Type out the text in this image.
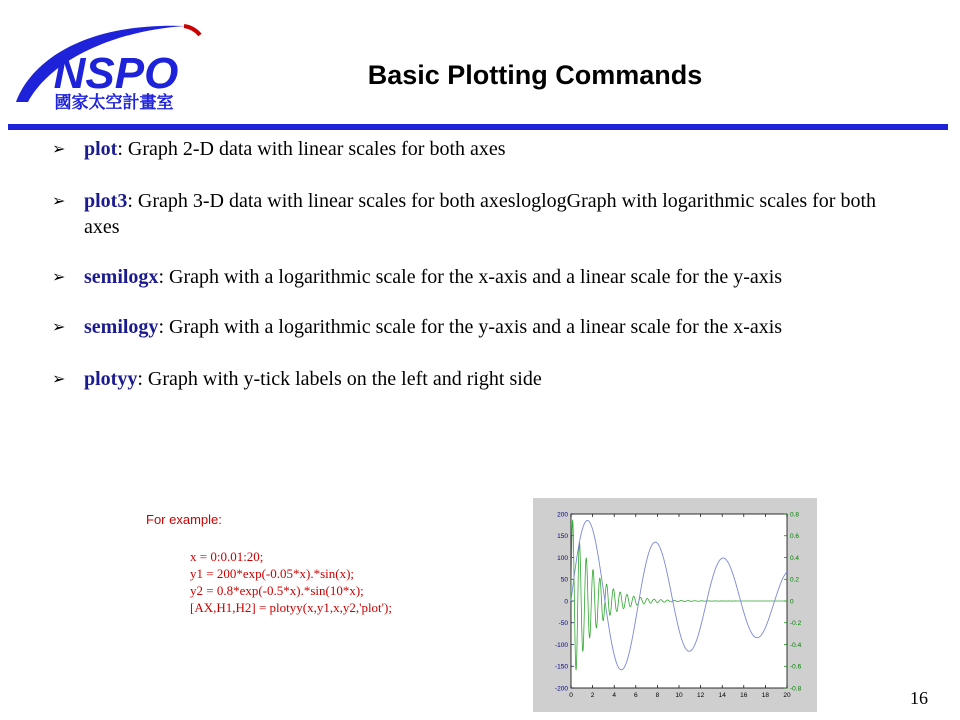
NSPO
國家太空計畫室
Basic Plotting Commands
➢ plot: Graph 2-D data with linear scales for both axes
➢ plot3: Graph 3-D data with linear scales for both axesloglogGraph with logarithmic scales for both axes
➢ semilogx: Graph with a logarithmic scale for the x-axis and a linear scale for the y-axis
➢ semilogy: Graph with a logarithmic scale for the y-axis and a linear scale for the x-axis
➢ plotyy: Graph with y-tick labels on the left and right side
For example:
x = 0:0.01:20;
y1 = 200*exp(-0.05*x).*sin(x);
y2 = 0.8*exp(-0.5*x).*sin(10*x);
[AX,H1,H2] = plotyy(x,y1,x,y2,'plot');
0	2	4	6	8 10 12 14 16 18 20
200
150
100
50
0
-50
-100
-150
-200
0.8
0.6
0.4
0.2
0
-0.2
-0.4
-0.6
-0.8	16
